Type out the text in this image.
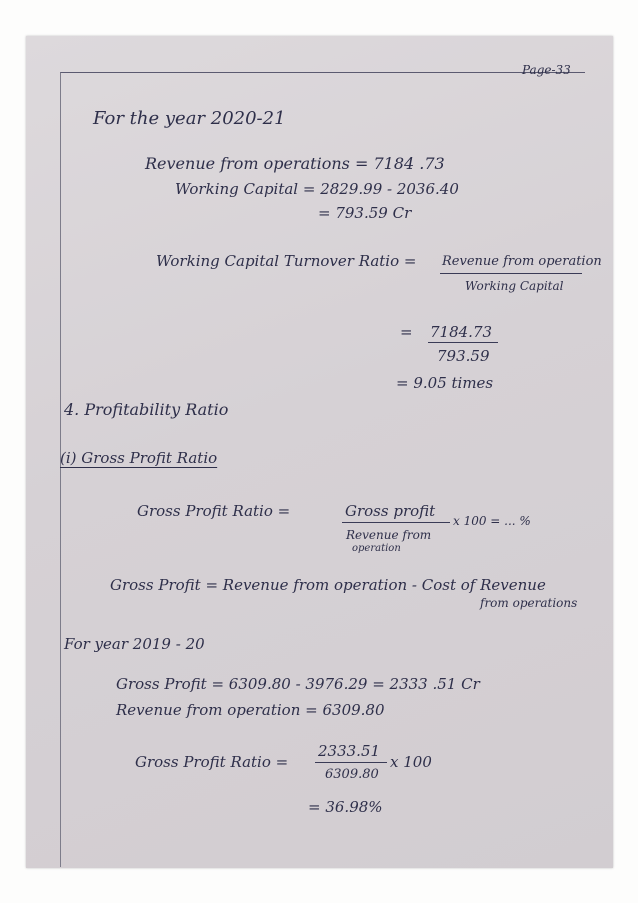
Page-33
For the year 2020-21
Revenue from operations = 7184 .73
Working Capital = 2829.99 - 2036.40
= 793.59 Cr
Working Capital Turnover Ratio = Revenue from operation
Working Capital
= 7184.73
793.59
= 9.05 times
4. Profitability Ratio
(i) Gross Profit Ratio
Gross Profit Ratio =	Gross profit
x 100 = ... %
Revenue from
operation
Gross Profit = Revenue from operation - Cost of Revenue
from operations
For year 2019 - 20
Gross Profit = 6309.80 - 3976.29 = 2333 .51 Cr
Revenue from operation = 6309.80
Gross Profit Ratio =
2333.51
x 100
6309.80
= 36.98%
